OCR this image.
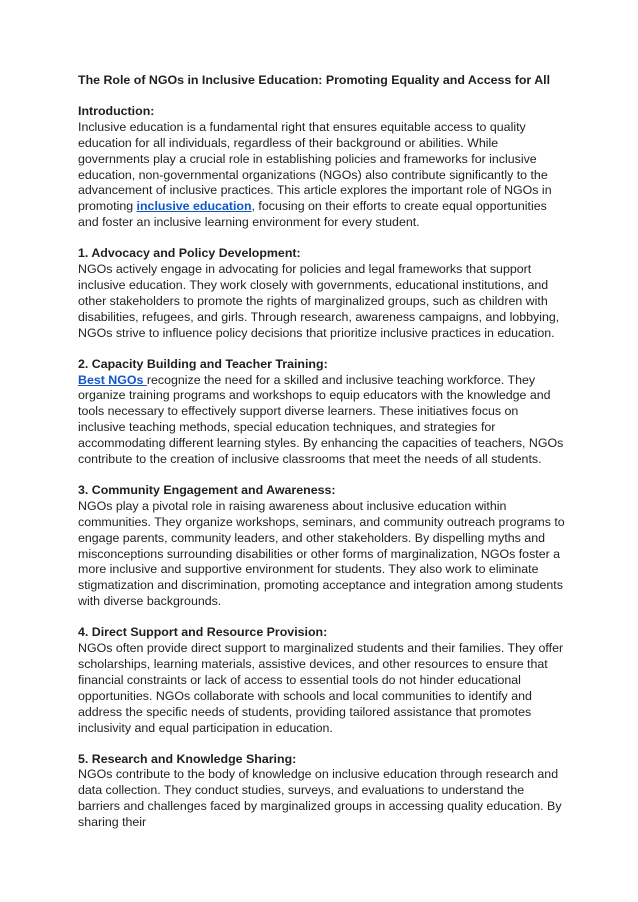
The Role of NGOs in Inclusive Education: Promoting Equality and Access for All

Introduction:

Inclusive education is a fundamental right that ensures equitable access to quality education for all individuals, regardless of their background or abilities. While governments play a crucial role in establishing policies and frameworks for inclusive education, non-governmental organizations (NGOs) also contribute significantly to the advancement of inclusive practices. This article explores the important role of NGOs in promoting inclusive education, focusing on their efforts to create equal opportunities and foster an inclusive learning environment for every student.

1. Advocacy and Policy Development:

NGOs actively engage in advocating for policies and legal frameworks that support inclusive education. They work closely with governments, educational institutions, and other stakeholders to promote the rights of marginalized groups, such as children with disabilities, refugees, and girls. Through research, awareness campaigns, and lobbying, NGOs strive to influence policy decisions that prioritize inclusive practices in education.

2. Capacity Building and Teacher Training:

Best NGOs recognize the need for a skilled and inclusive teaching workforce. They organize training programs and workshops to equip educators with the knowledge and tools necessary to effectively support diverse learners. These initiatives focus on inclusive teaching methods, special education techniques, and strategies for accommodating different learning styles. By enhancing the capacities of teachers, NGOs contribute to the creation of inclusive classrooms that meet the needs of all students.

3. Community Engagement and Awareness:

NGOs play a pivotal role in raising awareness about inclusive education within communities. They organize workshops, seminars, and community outreach programs to engage parents, community leaders, and other stakeholders. By dispelling myths and misconceptions surrounding disabilities or other forms of marginalization, NGOs foster a more inclusive and supportive environment for students. They also work to eliminate stigmatization and discrimination, promoting acceptance and integration among students with diverse backgrounds.

4. Direct Support and Resource Provision:

NGOs often provide direct support to marginalized students and their families. They offer scholarships, learning materials, assistive devices, and other resources to ensure that financial constraints or lack of access to essential tools do not hinder educational opportunities. NGOs collaborate with schools and local communities to identify and address the specific needs of students, providing tailored assistance that promotes inclusivity and equal participation in education.

5. Research and Knowledge Sharing:

NGOs contribute to the body of knowledge on inclusive education through research and data collection. They conduct studies, surveys, and evaluations to understand the barriers and challenges faced by marginalized groups in accessing quality education. By sharing their
